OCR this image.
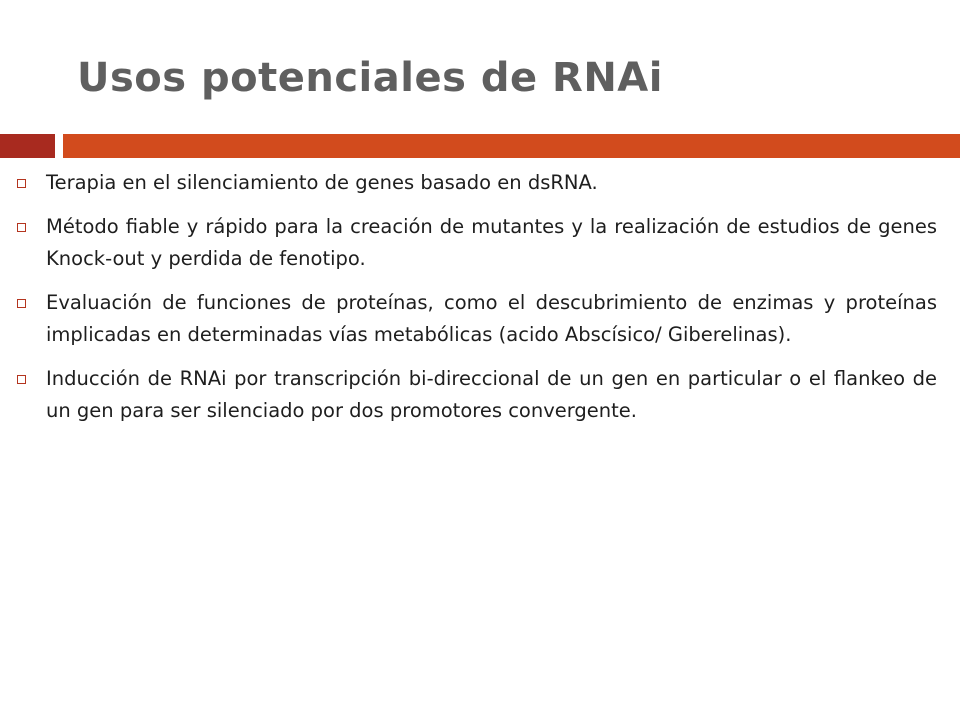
Usos potenciales de RNAi
Terapia en el silenciamiento de genes basado en dsRNA.
Método fiable y rápido para la creación de mutantes y la realización de estudios de genes Knock-out y perdida de fenotipo.
Evaluación de funciones de proteínas, como el descubrimiento de enzimas y proteínas implicadas en determinadas vías metabólicas (acido Abscísico/ Giberelinas).
Inducción de RNAi por transcripción bi-direccional de un gen en particular o el flankeo de un gen para ser silenciado por dos promotores convergente.
